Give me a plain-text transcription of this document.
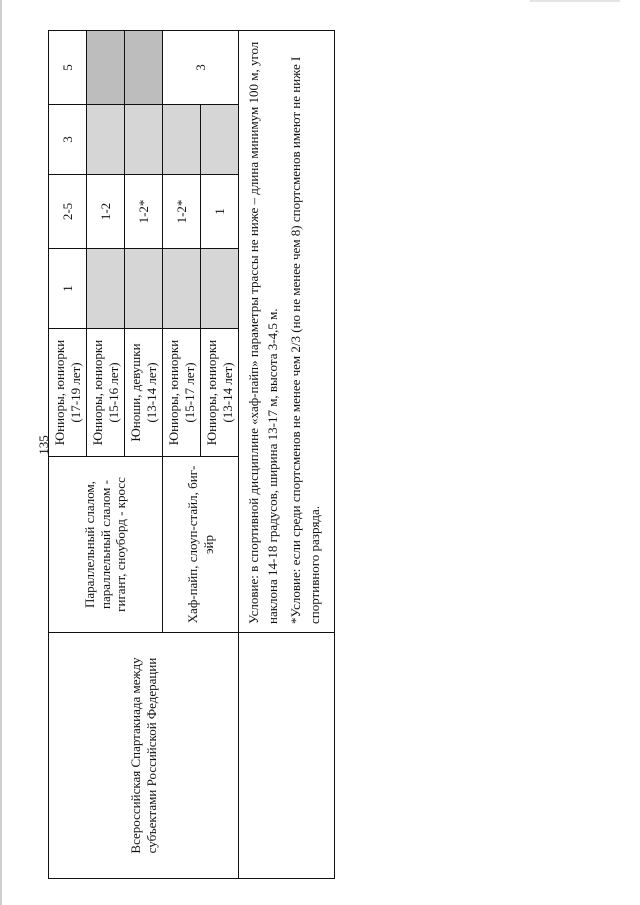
135
Всероссийская Спартакиада между субъектами Российской Федерации	Параллельный слалом, параллельный слалом - гигант, сноуборд - кросс	Юниоры, юниорки (17-19 лет)	1	2-5	3	5
		Юниоры, юниорки (15-16 лет)		1-2		
		Юноши, девушки (13-14 лет)		1-2*		
	Хаф-пайп, слоуп-стайл, биг-эйр	Юниоры, юниорки (15-17 лет)		1-2*		3
		Юниоры, юниорки (13-14 лет)		1		

	Условие: в спортивной дисциплине «хаф-пайп» параметры трассы не ниже – длина минимум 100 м, угол наклона 14-18 градусов, ширина 13-17 м, высота 3-4,5 м. *Условие: если среди спортсменов не менее чем 2/3 (но не менее чем 8) спортсменов имеют не ниже I спортивного разряда.					
